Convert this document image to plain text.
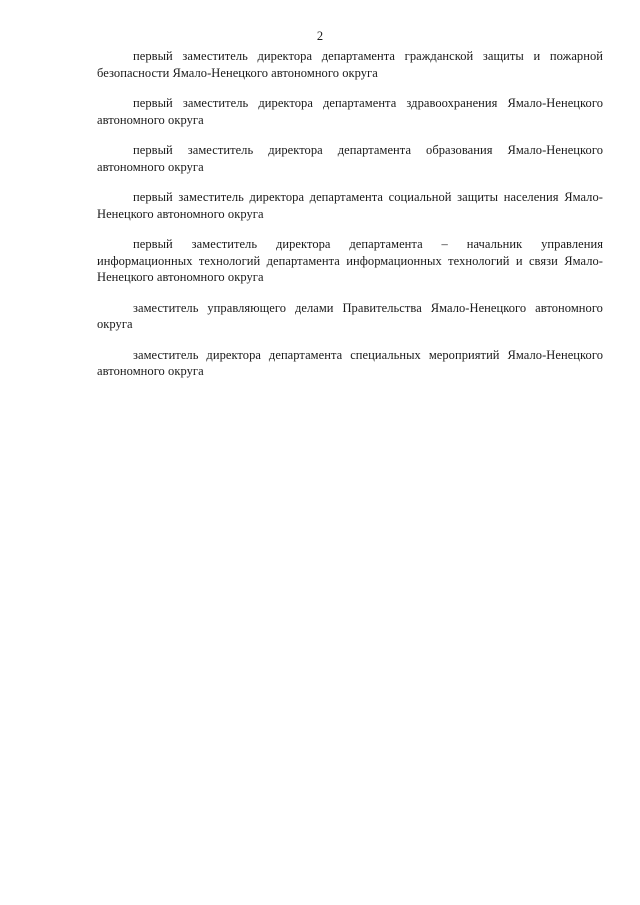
2

первый заместитель директора департамента гражданской защиты и пожарной безопасности Ямало-Ненецкого автономного округа

первый заместитель директора департамента здравоохранения Ямало-Ненецкого автономного округа

первый заместитель директора департамента образования Ямало-Ненецкого автономного округа

первый заместитель директора департамента социальной защиты населения Ямало-Ненецкого автономного округа

первый заместитель директора департамента – начальник управления информационных технологий департамента информационных технологий и связи Ямало-Ненецкого автономного округа

заместитель управляющего делами Правительства Ямало-Ненецкого автономного округа

заместитель директора департамента специальных мероприятий Ямало-Ненецкого автономного округа
